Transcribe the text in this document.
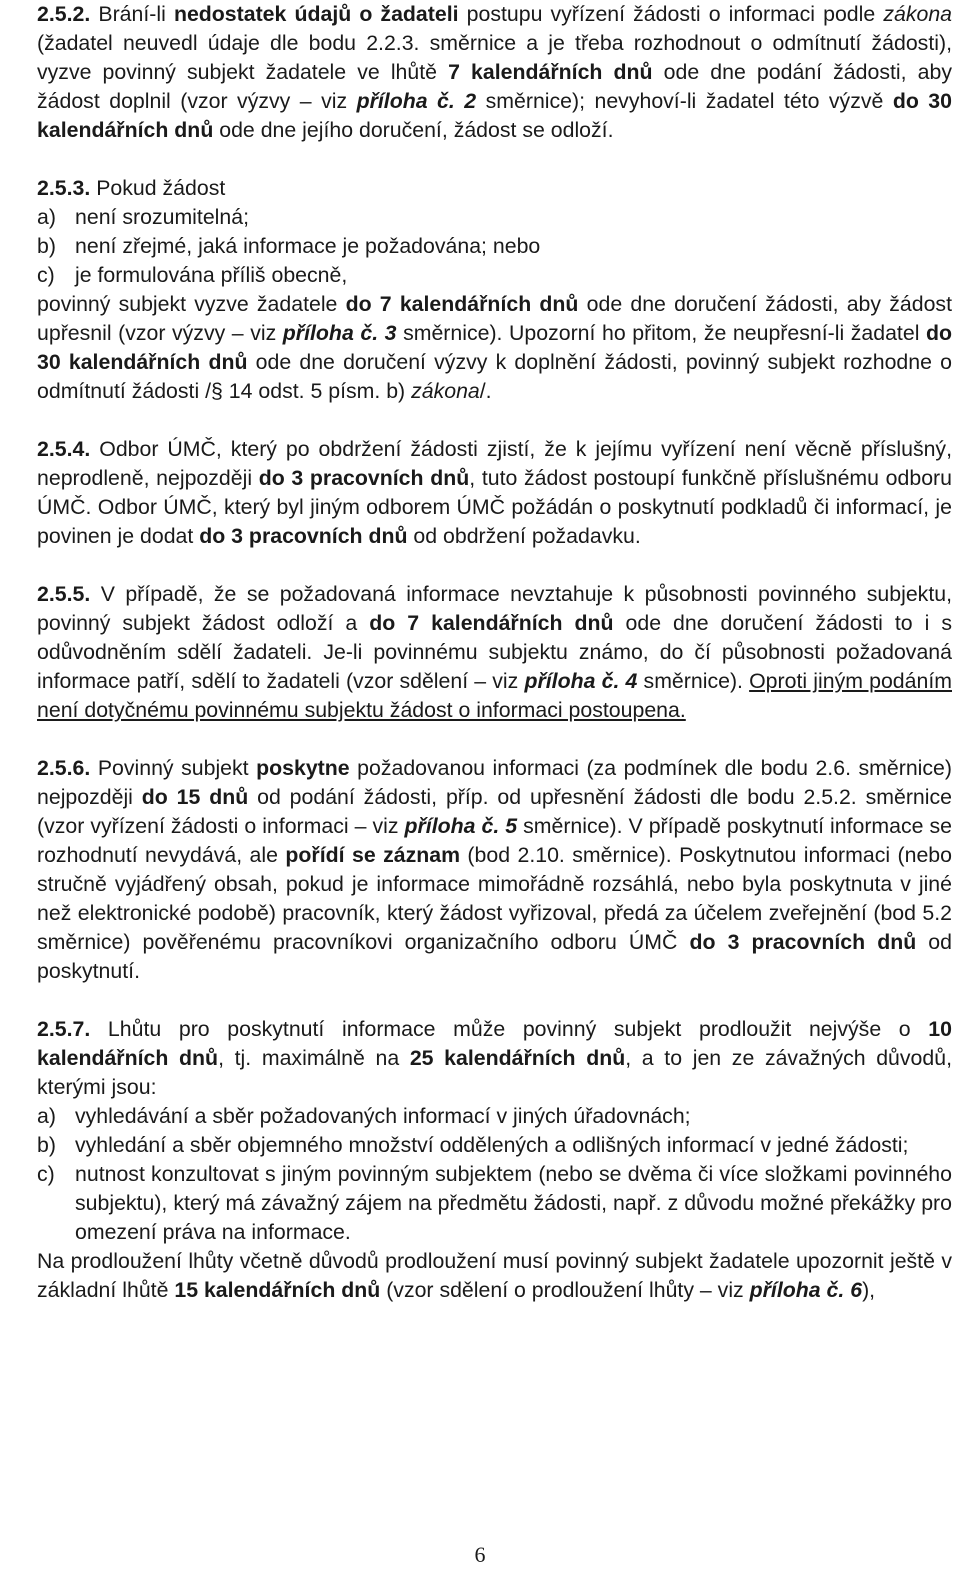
2.5.2. Brání-li nedostatek údajů o žadateli postupu vyřízení žádosti o informaci podle zákona (žadatel neuvedl údaje dle bodu 2.2.3. směrnice a je třeba rozhodnout o odmítnutí žádosti), vyzve povinný subjekt žadatele ve lhůtě 7 kalendářních dnů ode dne podání žádosti, aby žádost doplnil (vzor výzvy – viz příloha č. 2 směrnice); nevyhoví-li žadatel této výzvě do 30 kalendářních dnů ode dne jejího doručení, žádost se odloží.

2.5.3. Pokud žádost

a) není srozumitelná;
b) není zřejmé, jaká informace je požadována; nebo
c) je formulována příliš obecně,

povinný subjekt vyzve žadatele do 7 kalendářních dnů ode dne doručení žádosti, aby žádost upřesnil (vzor výzvy – viz příloha č. 3 směrnice). Upozorní ho přitom, že neupřesní-li žadatel do 30 kalendářních dnů ode dne doručení výzvy k doplnění žádosti, povinný subjekt rozhodne o odmítnutí žádosti /§ 14 odst. 5 písm. b) zákona/.

2.5.4. Odbor ÚMČ, který po obdržení žádosti zjistí, že k jejímu vyřízení není věcně příslušný, neprodleně, nejpozději do 3 pracovních dnů, tuto žádost postoupí funkčně příslušnému odboru ÚMČ. Odbor ÚMČ, který byl jiným odborem ÚMČ požádán o poskytnutí podkladů či informací, je povinen je dodat do 3 pracovních dnů od obdržení požadavku.

2.5.5. V případě, že se požadovaná informace nevztahuje k působnosti povinného subjektu, povinný subjekt žádost odloží a do 7 kalendářních dnů ode dne doručení žádosti to i s odůvodněním sdělí žadateli. Je-li povinnému subjektu známo, do čí působnosti požadovaná informace patří, sdělí to žadateli (vzor sdělení – viz příloha č. 4 směrnice). Oproti jiným podáním není dotyčnému povinnému subjektu žádost o informaci postoupena.

2.5.6. Povinný subjekt poskytne požadovanou informaci (za podmínek dle bodu 2.6. směrnice) nejpozději do 15 dnů od podání žádosti, příp. od upřesnění žádosti dle bodu 2.5.2. směrnice (vzor vyřízení žádosti o informaci – viz příloha č. 5 směrnice). V případě poskytnutí informace se rozhodnutí nevydává, ale pořídí se záznam (bod 2.10. směrnice). Poskytnutou informaci (nebo stručně vyjádřený obsah, pokud je informace mimořádně rozsáhlá, nebo byla poskytnuta v jiné než elektronické podobě) pracovník, který žádost vyřizoval, předá za účelem zveřejnění (bod 5.2 směrnice) pověřenému pracovníkovi organizačního odboru ÚMČ do 3 pracovních dnů od poskytnutí.

2.5.7. Lhůtu pro poskytnutí informace může povinný subjekt prodloužit nejvýše o 10 kalendářních dnů, tj. maximálně na 25 kalendářních dnů, a to jen ze závažných důvodů, kterými jsou:

a) vyhledávání a sběr požadovaných informací v jiných úřadovnách;
b) vyhledání a sběr objemného množství oddělených a odlišných informací v jedné žádosti;
c) nutnost konzultovat s jiným povinným subjektem (nebo se dvěma či více složkami povinného subjektu), který má závažný zájem na předmětu žádosti, např. z důvodu možné překážky pro omezení práva na informace.

Na prodloužení lhůty včetně důvodů prodloužení musí povinný subjekt žadatele upozornit ještě v základní lhůtě 15 kalendářních dnů (vzor sdělení o prodloužení lhůty – viz příloha č. 6),

6
